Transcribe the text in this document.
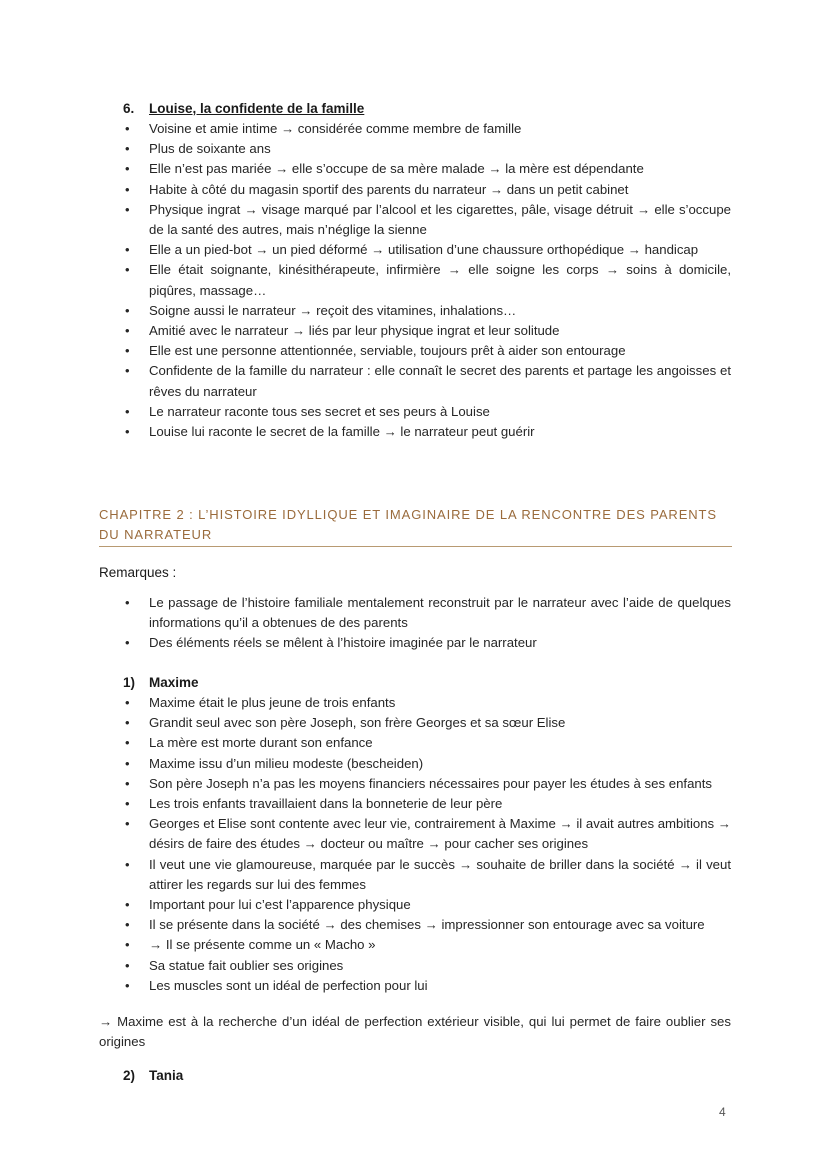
6. Louise, la confidente de la famille
• Voisine et amie intime → considérée comme membre de famille
• Plus de soixante ans
• Elle n’est pas mariée → elle s’occupe de sa mère malade → la mère est dépendante
• Habite à côté du magasin sportif des parents du narrateur → dans un petit cabinet
• Physique ingrat → visage marqué par l’alcool et les cigarettes, pâle, visage détruit → elle s’occupe de la santé des autres, mais n’néglige la sienne
• Elle a un pied-bot → un pied déformé → utilisation d’une chaussure orthopédique → handicap
• Elle était soignante, kinésithérapeute, infirmière → elle soigne les corps → soins à domicile, piqûres, massage…
• Soigne aussi le narrateur → reçoit des vitamines, inhalations…
• Amitié avec le narrateur → liés par leur physique ingrat et leur solitude
• Elle est une personne attentionnée, serviable, toujours prêt à aider son entourage
• Confidente de la famille du narrateur : elle connaît le secret des parents et partage les angoisses et rêves du narrateur
• Le narrateur raconte tous ses secret et ses peurs à Louise
• Louise lui raconte le secret de la famille → le narrateur peut guérir
CHAPITRE 2 : L’HISTOIRE IDYLLIQUE ET IMAGINAIRE DE LA RENCONTRE DES PARENTS DU NARRATEUR
Remarques :
• Le passage de l’histoire familiale mentalement reconstruit par le narrateur avec l’aide de quelques informations qu’il a obtenues de des parents
• Des éléments réels se mêlent à l’histoire imaginée par le narrateur
1) Maxime
• Maxime était le plus jeune de trois enfants
• Grandit seul avec son père Joseph, son frère Georges et sa sœur Elise
• La mère est morte durant son enfance
• Maxime issu d’un milieu modeste (bescheiden)
• Son père Joseph n’a pas les moyens financiers nécessaires pour payer les études à ses enfants
• Les trois enfants travaillaient dans la bonneterie de leur père
• Georges et Elise sont contente avec leur vie, contrairement à Maxime → il avait autres ambitions → désirs de faire des études → docteur ou maître → pour cacher ses origines
• Il veut une vie glamoureuse, marquée par le succès → souhaite de briller dans la société → il veut attirer les regards sur lui des femmes
• Important pour lui c’est l’apparence physique
• Il se présente dans la société → des chemises → impressionner son entourage avec sa voiture
• → Il se présente comme un « Macho »
• Sa statue fait oublier ses origines
• Les muscles sont un idéal de perfection pour lui
→ Maxime est à la recherche d’un idéal de perfection extérieur visible, qui lui permet de faire oublier ses origines
2) Tania
4
